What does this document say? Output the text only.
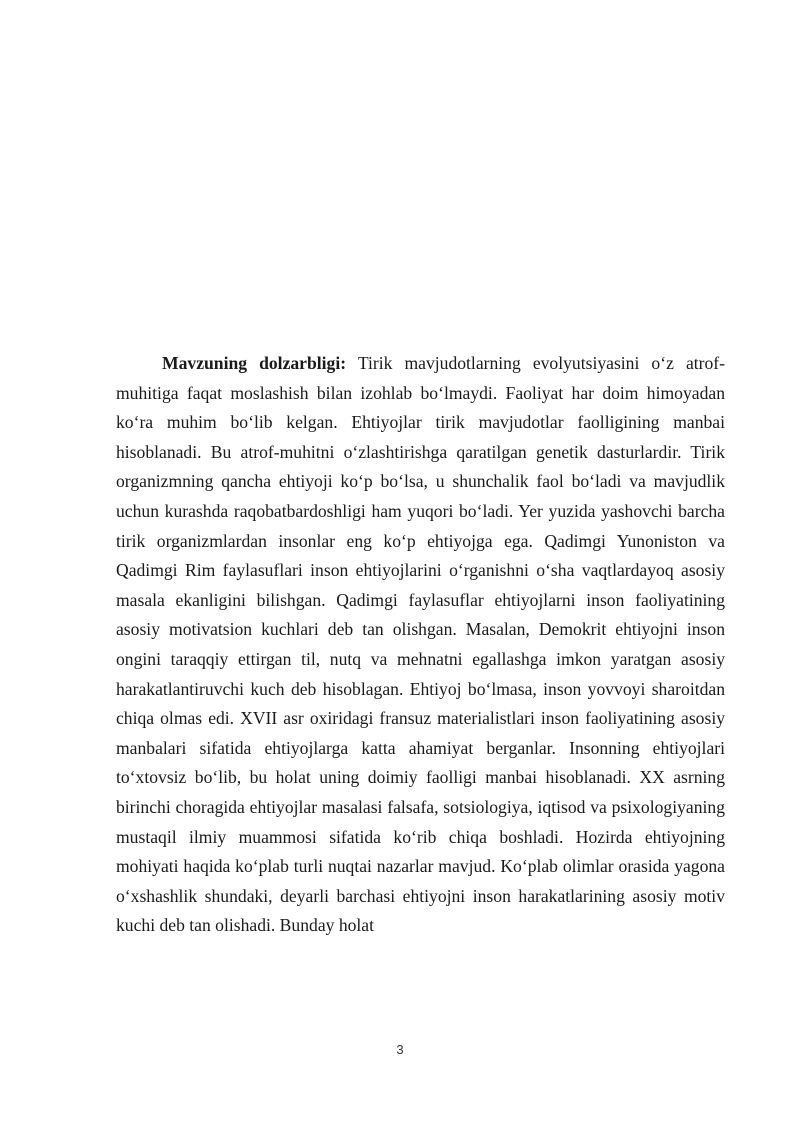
Mavzuning dolzarbligi: Tirik mavjudotlarning evolyutsiyasini o‘z atrof-muhitiga faqat moslashish bilan izohlab bo‘lmaydi. Faoliyat har doim himoyadan ko‘ra muhim bo‘lib kelgan. Ehtiyojlar tirik mavjudotlar faolligining manbai hisoblanadi. Bu atrof-muhitni o‘zlashtirishga qaratilgan genetik dasturlardir. Tirik organizmning qancha ehtiyoji ko‘p bo‘lsa, u shunchalik faol bo‘ladi va mavjudlik uchun kurashda raqobatbardoshligi ham yuqori bo‘ladi. Yer yuzida yashovchi barcha tirik organizmlardan insonlar eng ko‘p ehtiyojga ega. Qadimgi Yunoniston va Qadimgi Rim faylasuflari inson ehtiyojlarini o‘rganishni o‘sha vaqtlardayoq asosiy masala ekanligini bilishgan. Qadimgi faylasuflar ehtiyojlarni inson faoliyatining asosiy motivatsion kuchlari deb tan olishgan. Masalan, Demokrit ehtiyojni inson ongini taraqqiy ettirgan til, nutq va mehnatni egallashga imkon yaratgan asosiy harakatlantiruvchi kuch deb hisoblagan. Ehtiyoj bo‘lmasa, inson yovvoyi sharoitdan chiqa olmas edi. XVII asr oxiridagi fransuz materialistlari inson faoliyatining asosiy manbalari sifatida ehtiyojlarga katta ahamiyat berganlar. Insonning ehtiyojlari to‘xtovsiz bo‘lib, bu holat uning doimiy faolligi manbai hisoblanadi. XX asrning birinchi choragida ehtiyojlar masalasi falsafa, sotsiologiya, iqtisod va psixologiyaning mustaqil ilmiy muammosi sifatida ko‘rib chiqa boshladi. Hozirda ehtiyojning mohiyati haqida ko‘plab turli nuqtai nazarlar mavjud. Ko‘plab olimlar orasida yagona o‘xshashlik shundaki, deyarli barchasi ehtiyojni inson harakatlarining asosiy motiv kuchi deb tan olishadi. Bunday holat

3
